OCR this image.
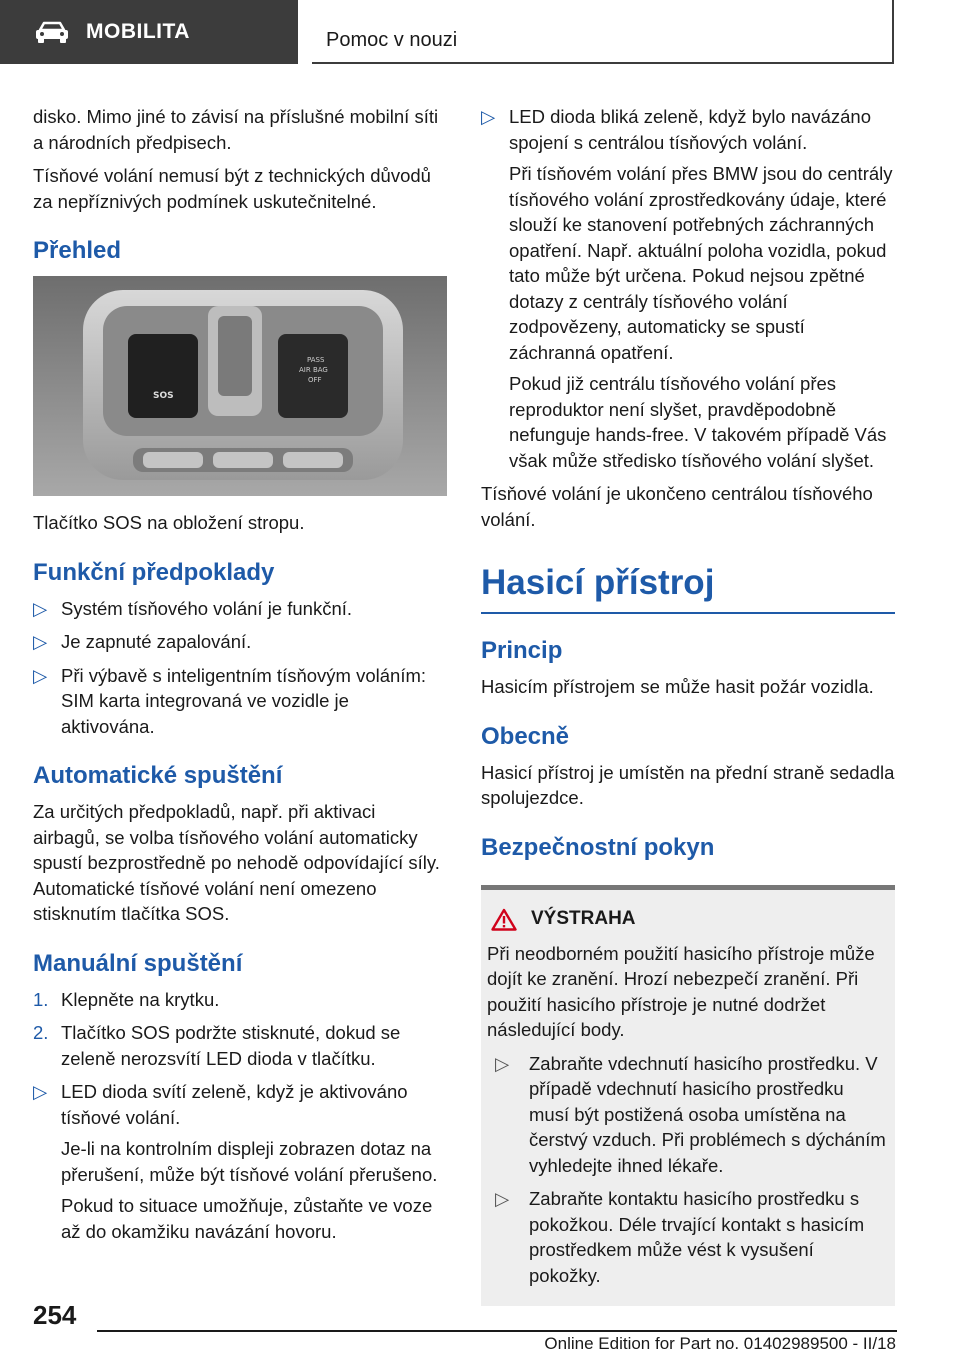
MOBILITA	Pomoc v nouzi

disko. Mimo jiné to závisí na příslušné mobilní síti a národních předpisech.

Tísňové volání nemusí být z technických důvodů za nepříznivých podmínek uskutečnitelné.

Přehled
SOS
PASS
AIR BAG
OFF

Tlačítko SOS na obložení stropu.

Funkční předpoklady
▷ Systém tísňového volání je funkční.
▷ Je zapnuté zapalování.
▷ Při výbavě s inteligentním tísňovým voláním: SIM karta integrovaná ve vozidle je aktivována.
Automatické spuštění

Za určitých předpokladů, např. při aktivaci airbagů, se volba tísňového volání automaticky spustí bezprostředně po nehodě odpovídající síly. Automatické tísňové volání není omezeno stisknutím tlačítka SOS.

Manuální spuštění
1. Klepněte na krytku.
2. Tlačítko SOS podržte stisknuté, dokud se zeleně nerozsvítí LED dioda v tlačítku.
▷ LED dioda svítí zeleně, když je aktivováno tísňové volání.
Je-li na kontrolním displeji zobrazen dotaz na přerušení, může být tísňové volání přerušeno.
Pokud to situace umožňuje, zůstaňte ve voze až do okamžiku navázání hovoru.
▷ LED dioda bliká zeleně, když bylo navázáno spojení s centrálou tísňových volání.
Při tísňovém volání přes BMW jsou do centrály tísňového volání zprostředkovány údaje, které slouží ke stanovení potřebných záchranných opatření. Např. aktuální poloha vozidla, pokud tato může být určena. Pokud nejsou zpětné dotazy z centrály tísňového volání zodpovězeny, automaticky se spustí záchranná opatření.
Pokud již centrálu tísňového volání přes reproduktor není slyšet, pravděpodobně nefunguje hands-free. V takovém případě Vás však může středisko tísňového volání slyšet.

Tísňové volání je ukončeno centrálou tísňového volání.

Hasicí přístroj
Princip

Hasicím přístrojem se může hasit požár vozidla.

Obecně

Hasicí přístroj je umístěn na přední straně sedadla spolujezdce.

Bezpečnostní pokyn
VÝSTRAHA

Při neodborném použití hasicího přístroje může dojít ke zranění. Hrozí nebezpečí zranění. Při použití hasicího přístroje je nutné dodržet následující body.

▷ Zabraňte vdechnutí hasicího prostředku. V případě vdechnutí hasicího prostředku musí být postižená osoba umístěna na čerstvý vzduch. Při problémech s dýcháním vyhledejte ihned lékaře.
▷ Zabraňte kontaktu hasicího prostředku s pokožkou. Déle trvající kontakt s hasicím prostředkem může vést k vysušení pokožky.
254
Online Edition for Part no. 01402989500 - II/18
